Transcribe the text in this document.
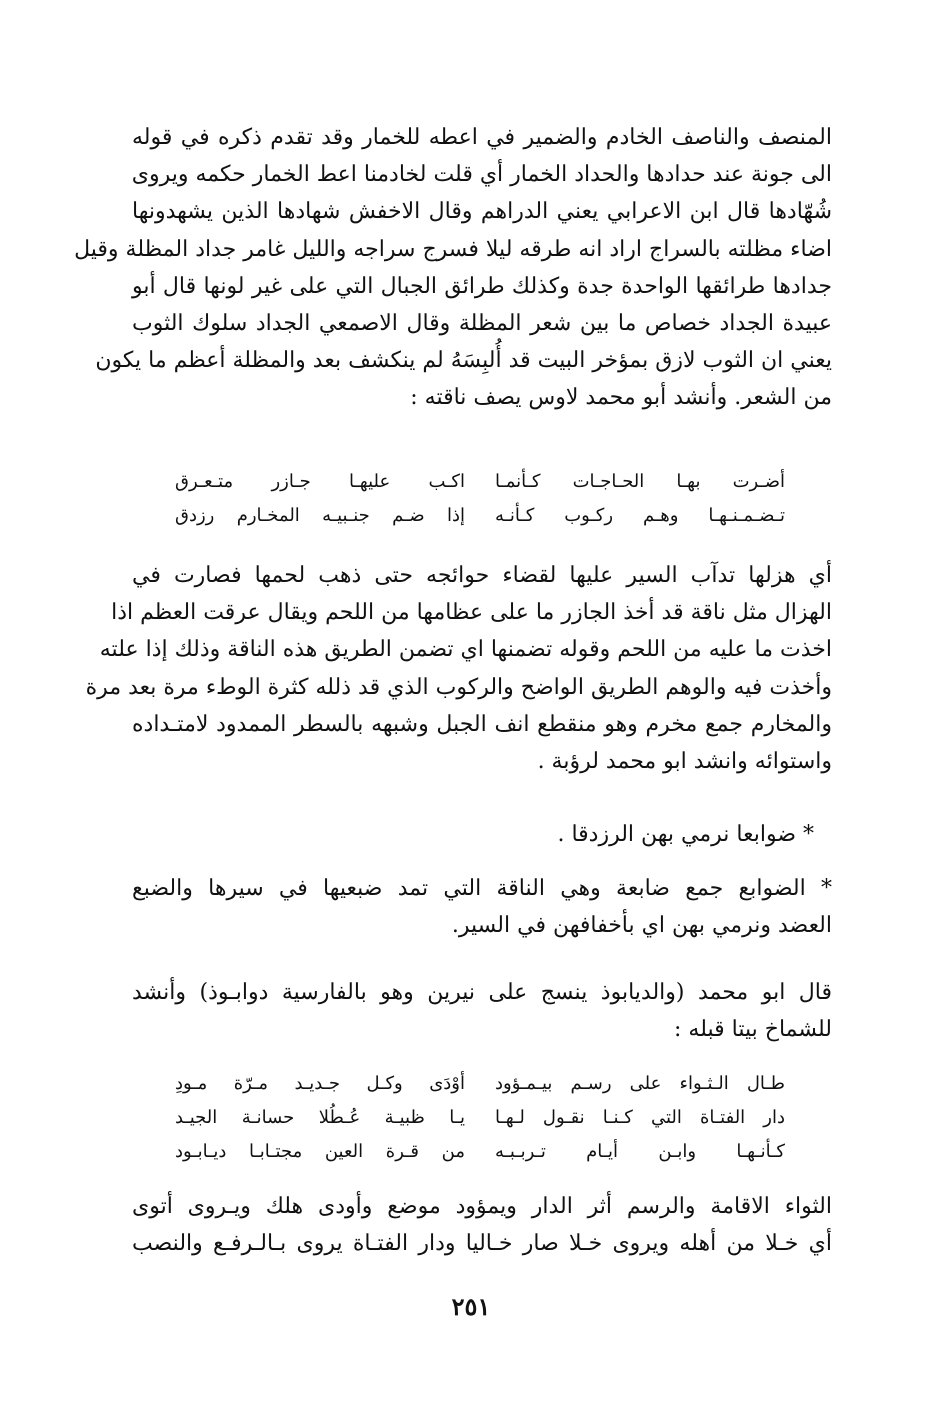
المنصف والناصف الخادم والضمير في اعطه للخمار وقد تقدم ذكره في قوله
الى جونة عند حدادها والحداد الخمار أي قلت لخادمنا اعط الخمار حكمه ويروى
شُهّادها قال ابن الاعرابي يعني الدراهم وقال الاخفش شهادها الذين يشهدونها
اضاء مظلته بالسراج اراد انه طرقه ليلا فسرج سراجه والليل غامر جداد المظلة وقيل
جدادها طرائقها الواحدة جدة وكذلك طرائق الجبال التي على غير لونها قال أبو
عبيدة الجداد خصاص ما بين شعر المظلة وقال الاصمعي الجداد سلوك الثوب
يعني ان الثوب لازق بمؤخر البيت قد أُلبِسَهُ لم ينكشف بعد والمظلة أعظم ما يكون
من الشعر. وأنشد أبو محمد لاوس يصف ناقته :
أضـرت بهـا الحـاجـات كـأنمـا
اكـب عليهـا جـازر متـعـرق
تـضـمـنـهـا وهـم ركـوب كـأنـه
إذا ضـم جنـبيـه المخـارم رزدق
أي هزلها تدآب السير عليها لقضاء حوائجه حتى ذهب لحمها فصارت في
الهزال مثل ناقة قد أخذ الجازر ما على عظامها من اللحم ويقال عرقت العظم اذا
اخذت ما عليه من اللحم وقوله تضمنها اي تضمن الطريق هذه الناقة وذلك إذا علته
وأخذت فيه والوهم الطريق الواضح والركوب الذي قد ذلله كثرة الوطء مرة بعد مرة
والمخارم جمع مخرم وهو منقطع انف الجبل وشبهه بالسطر الممدود لامتـداده
واستوائه وانشد ابو محمد لرؤبة .
* ضوابعا نرمي بهن الرزدقا .
* الضوابع جمع ضابعة وهي الناقة التي تمد ضبعيها في سيرها والضبع
العضد ونرمي بهن اي بأخفافهن في السير.
قال ابو محمد (والديابوذ ينسج على نيرين وهو بالفارسية دوابـوذ) وأنشد
للشماخ بيتا قبله :
طـال الـثـواء على رسـم بيـمـؤود
أوْدَى وكـل جـديـد مـرّة مـودِ
دار الفتـاة التي كـنـا نقـول لـهـا
يـا ظبيـة عُـطُلا حسانـة الجيـد
كـأنـهـا وابـن أيـام تـربـبـه
من قـرة العين مجتـابـا ديـابـود
الثواء الاقامة والرسم أثر الدار ويمؤود موضع وأودى هلك ويـروى أتوى
أي خـلا من أهله ويروى خـلا صار خـاليا ودار الفتـاة يروى بـالـرفـع والنصب
٢٥١
